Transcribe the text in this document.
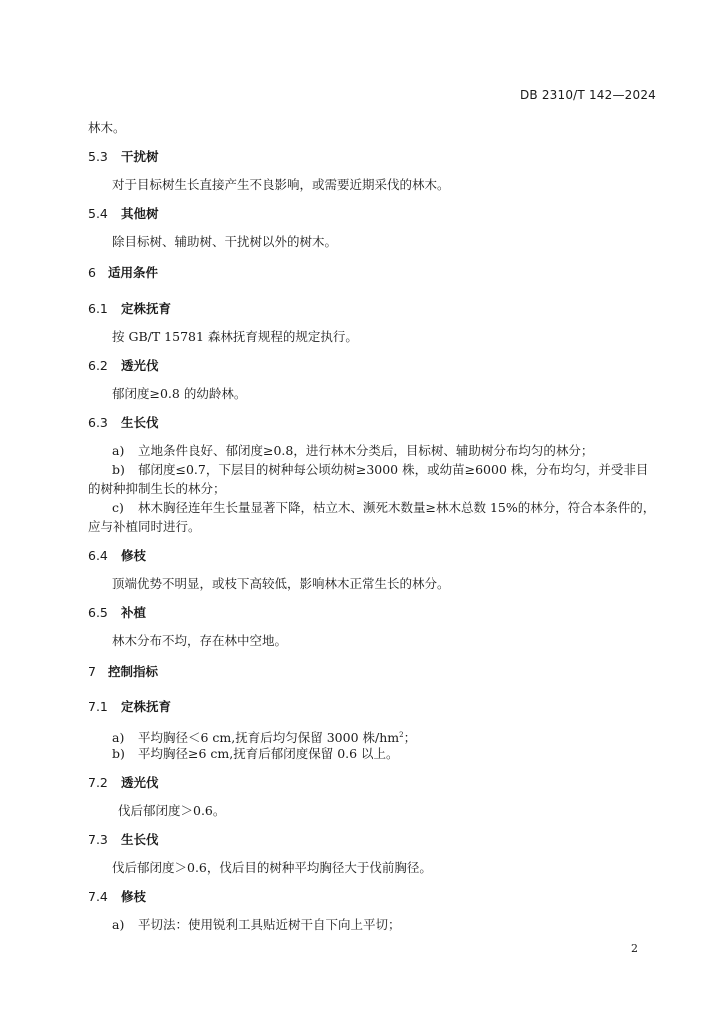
DB 2310/T 142—2024
林木。
5.3 干扰树
对于目标树生长直接产生不良影响，或需要近期采伐的林木。
5.4 其他树
除目标树、辅助树、干扰树以外的树木。
6 适用条件
6.1 定株抚育
按 GB/T 15781 森林抚育规程的规定执行。
6.2 透光伐
郁闭度≥0.8 的幼龄林。
6.3 生长伐
a) 立地条件良好、郁闭度≥0.8，进行林木分类后，目标树、辅助树分布均匀的林分；
b) 郁闭度≤0.7，下层目的树种每公顷幼树≥3000 株，或幼苗≥6000 株，分布均匀，并受非目
的树种抑制生长的林分；
c) 林木胸径连年生长量显著下降，枯立木、濒死木数量≥林木总数 15%的林分，符合本条件的，
应与补植同时进行。
6.4 修枝
顶端优势不明显，或枝下高较低，影响林木正常生长的林分。
6.5 补植
林木分布不均，存在林中空地。
7 控制指标
7.1 定株抚育
a) 平均胸径＜6 cm,抚育后均匀保留 3000 株$/hm^2$；
b) 平均胸径≥6 cm,抚育后郁闭度保留 0.6 以上。
7.2 透光伐
伐后郁闭度＞0.6。
7.3 生长伐
伐后郁闭度＞0.6，伐后目的树种平均胸径大于伐前胸径。
7.4 修枝
a) 平切法：使用锐利工具贴近树干自下向上平切；
2
